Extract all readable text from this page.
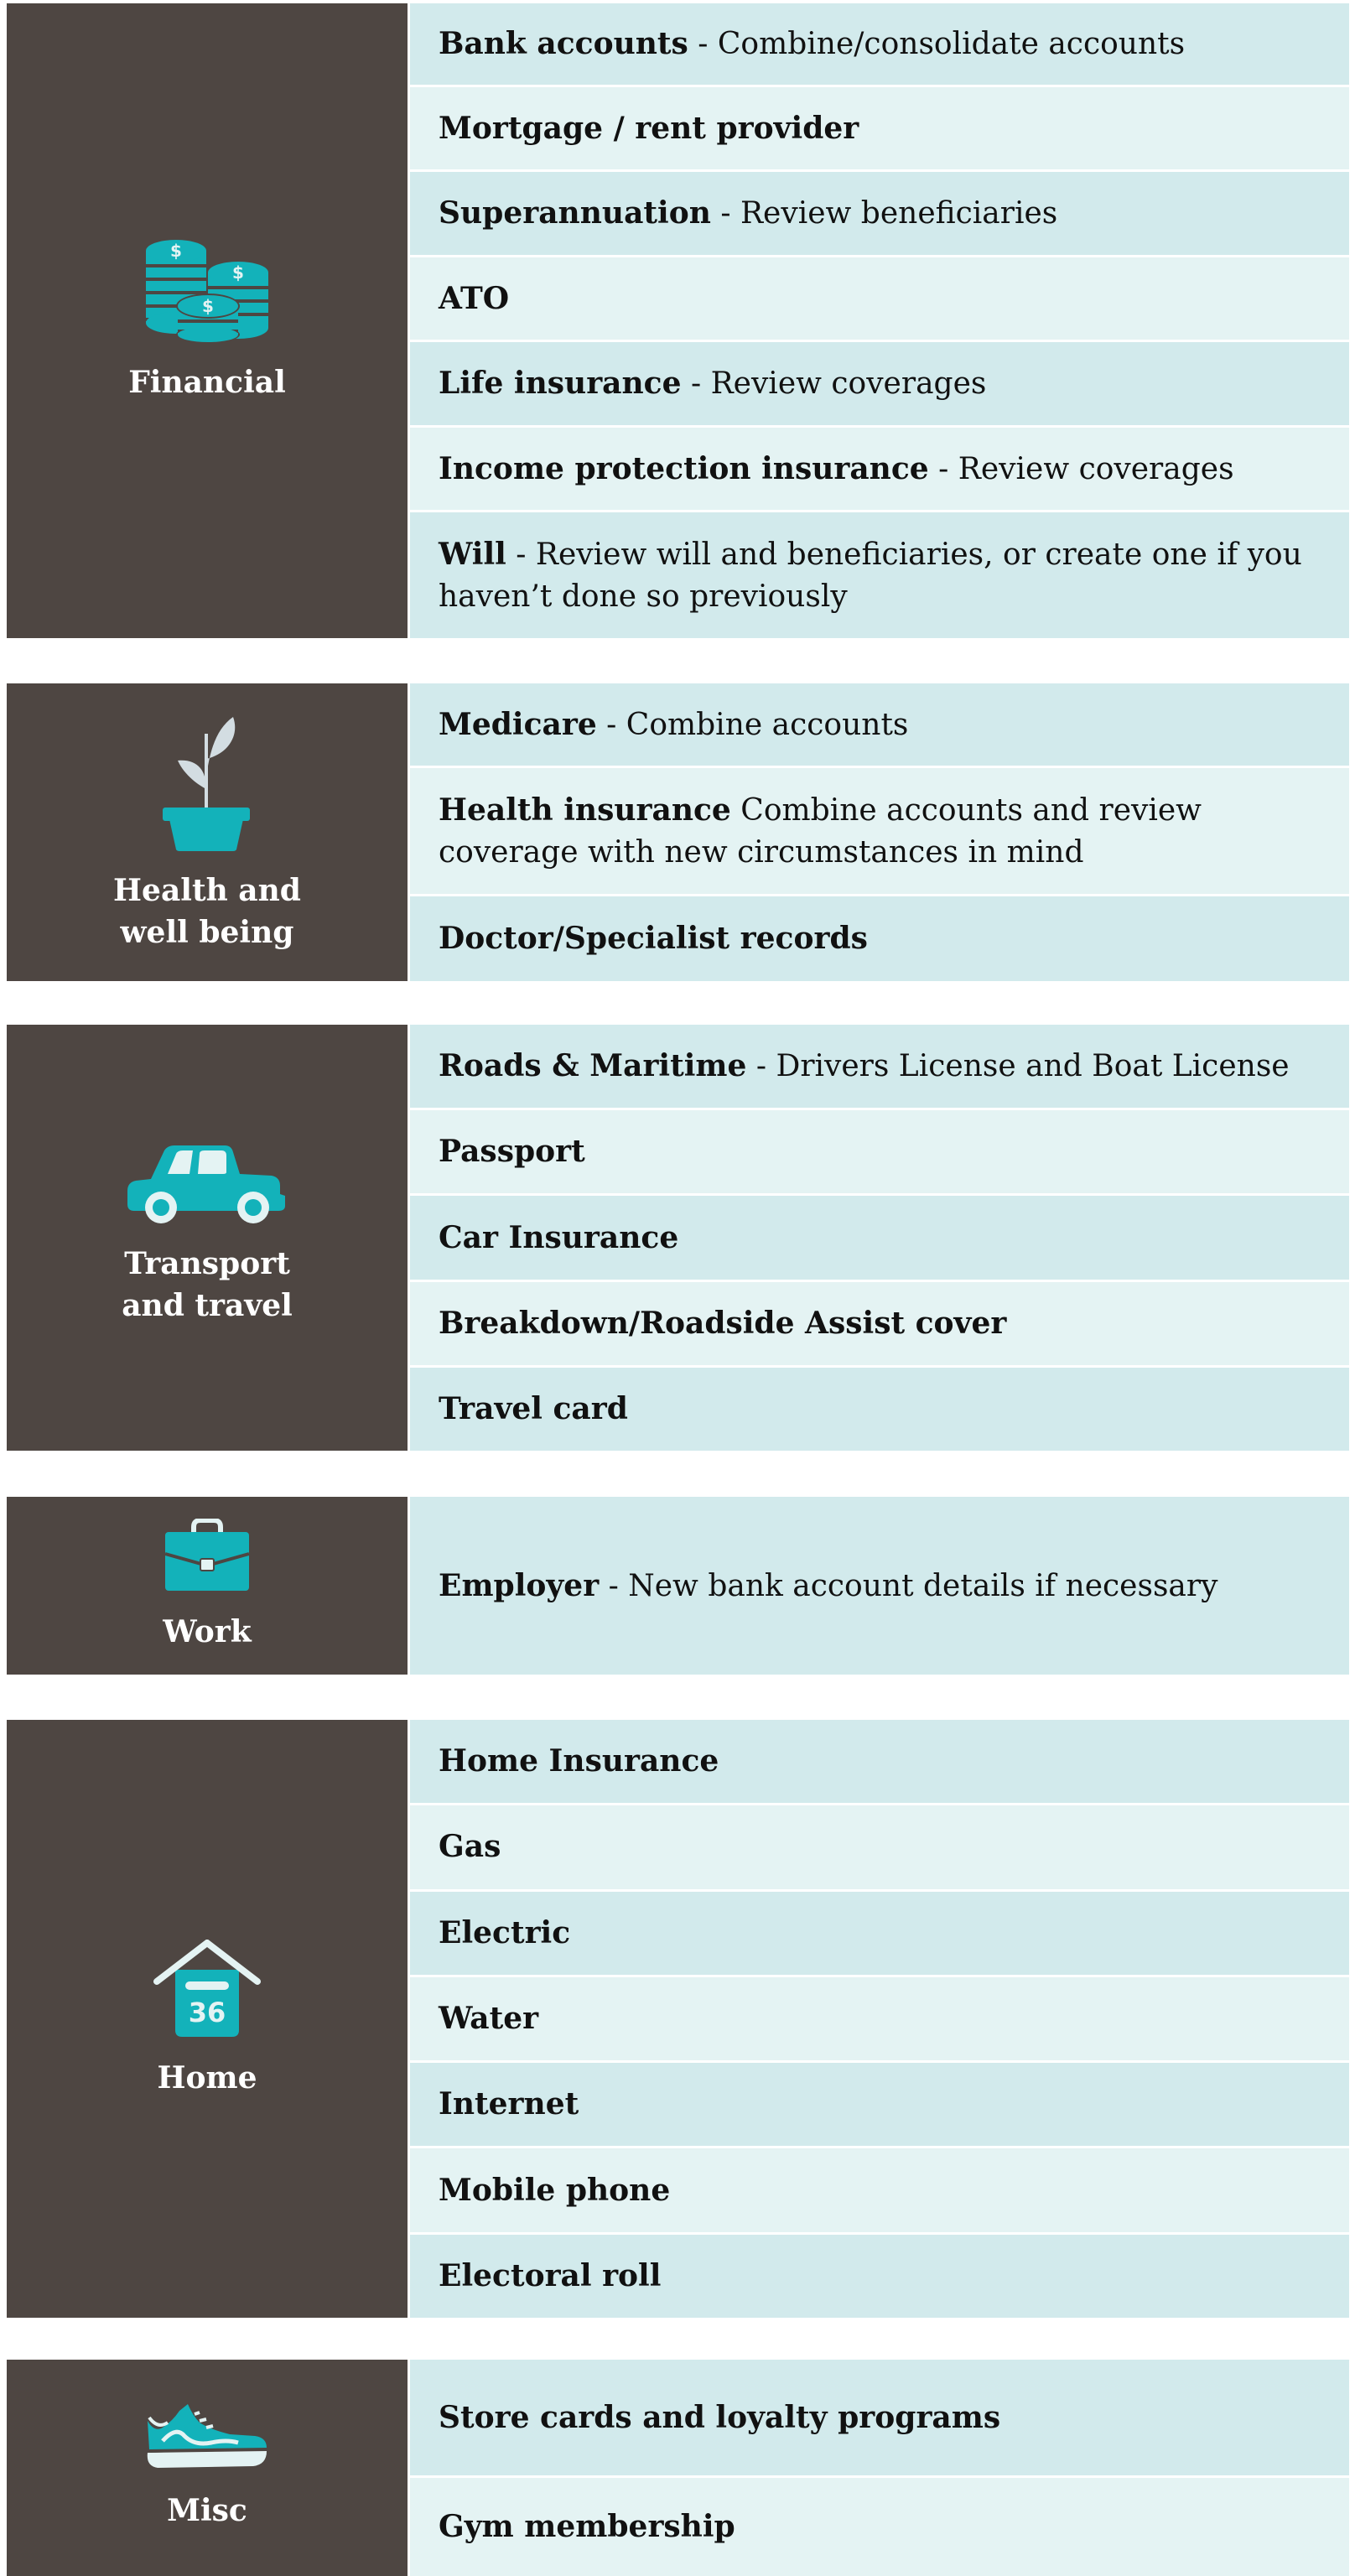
$
$
$
Financial
Bank accounts - Combine/consolidate accounts
Mortgage / rent provider
Superannuation - Review beneficiaries
ATO
Life insurance - Review coverages
Income protection insurance - Review coverages
Will - Review will and beneficiaries, or create one if you haven’t done so previously
Health and
well being
Medicare - Combine accounts
Health insurance Combine accounts and review coverage with new circumstances in mind
Doctor/Specialist records
Transport
and travel
Roads & Maritime - Drivers License and Boat License
Passport
Car Insurance
Breakdown/Roadside Assist cover
Travel card
Work
Employer - New bank account details if necessary
36
Home
Home Insurance
Gas
Electric
Water
Internet
Mobile phone
Electoral roll
Misc
Store cards and loyalty programs
Gym membership
